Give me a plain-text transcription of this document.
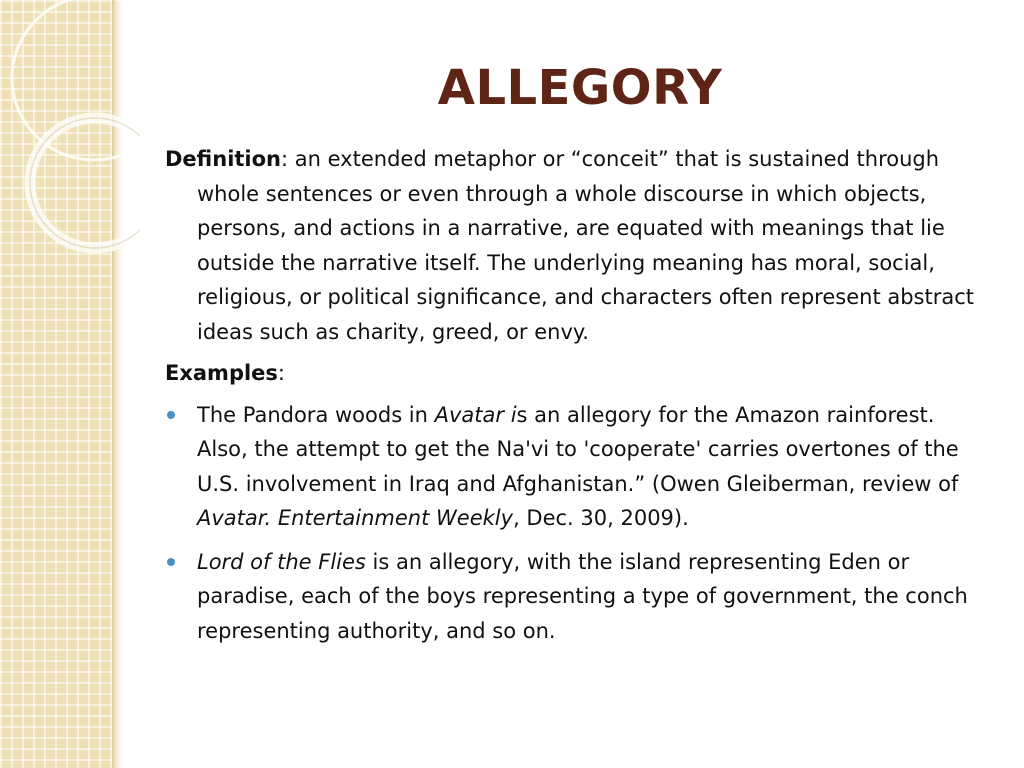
ALLEGORY

Definition: an extended metaphor or “conceit” that is sustained through whole sentences or even through a whole discourse in which objects, persons, and actions in a narrative, are equated with meanings that lie outside the narrative itself. The underlying meaning has moral, social, religious, or political significance, and characters often represent abstract ideas such as charity, greed, or envy.

Examples:

The Pandora woods in Avatar is an allegory for the Amazon rainforest. Also, the attempt to get the Na'vi to 'cooperate' carries overtones of the U.S. involvement in Iraq and Afghanistan.” (Owen Gleiberman, review of Avatar. Entertainment Weekly, Dec. 30, 2009).
Lord of the Flies is an allegory, with the island representing Eden or paradise, each of the boys representing a type of government, the conch representing authority, and so on.
